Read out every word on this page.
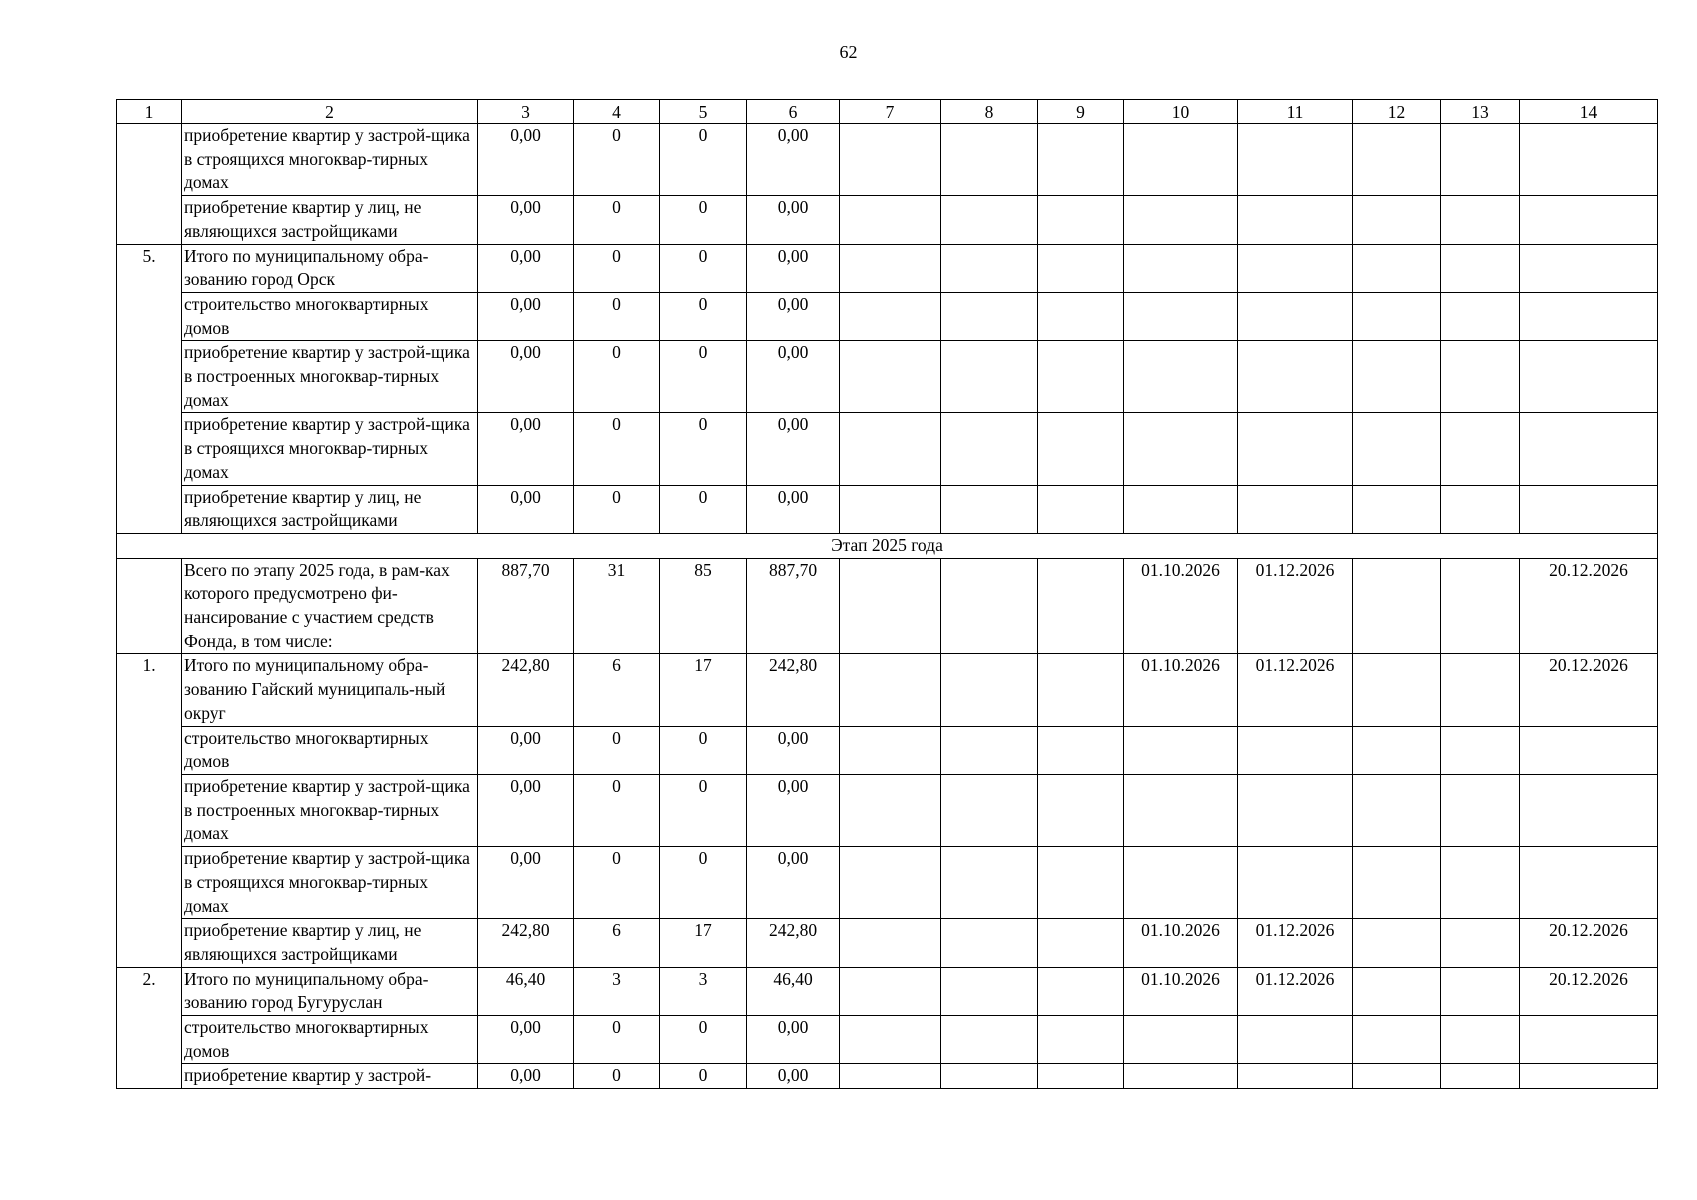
62
1	2	3	4	5	6	7	8	9	10	11	12	13	14
	приобретение квартир у застрой-щика в строящихся многоквар-тирных домах	0,00	0	0	0,00								
	приобретение квартир у лиц, не являющихся застройщиками	0,00	0	0	0,00								
5.	Итого по муниципальному обра-зованию город Орск	0,00	0	0	0,00								
	строительство многоквартирных домов	0,00	0	0	0,00								
	приобретение квартир у застрой-щика в построенных многоквар-тирных домах	0,00	0	0	0,00								
	приобретение квартир у застрой-щика в строящихся многоквар-тирных домах	0,00	0	0	0,00								
	приобретение квартир у лиц, не являющихся застройщиками	0,00	0	0	0,00								
Этап 2025 года													
	Всего по этапу 2025 года, в рам-ках которого предусмотрено фи-нансирование с участием средств Фонда, в том числе:	887,70	31	85	887,70				01.10.2026	01.12.2026			20.12.2026
1.	Итого по муниципальному обра-зованию Гайский муниципаль-ный округ	242,80	6	17	242,80				01.10.2026	01.12.2026			20.12.2026
	строительство многоквартирных домов	0,00	0	0	0,00								
	приобретение квартир у застрой-щика в построенных многоквар-тирных домах	0,00	0	0	0,00								
	приобретение квартир у застрой-щика в строящихся многоквар-тирных домах	0,00	0	0	0,00								
	приобретение квартир у лиц, не являющихся застройщиками	242,80	6	17	242,80				01.10.2026	01.12.2026			20.12.2026
2.	Итого по муниципальному обра-зованию город Бугуруслан	46,40	3	3	46,40				01.10.2026	01.12.2026			20.12.2026
	строительство многоквартирных домов	0,00	0	0	0,00								
	приобретение квартир у застрой-	0,00	0	0	0,00								
